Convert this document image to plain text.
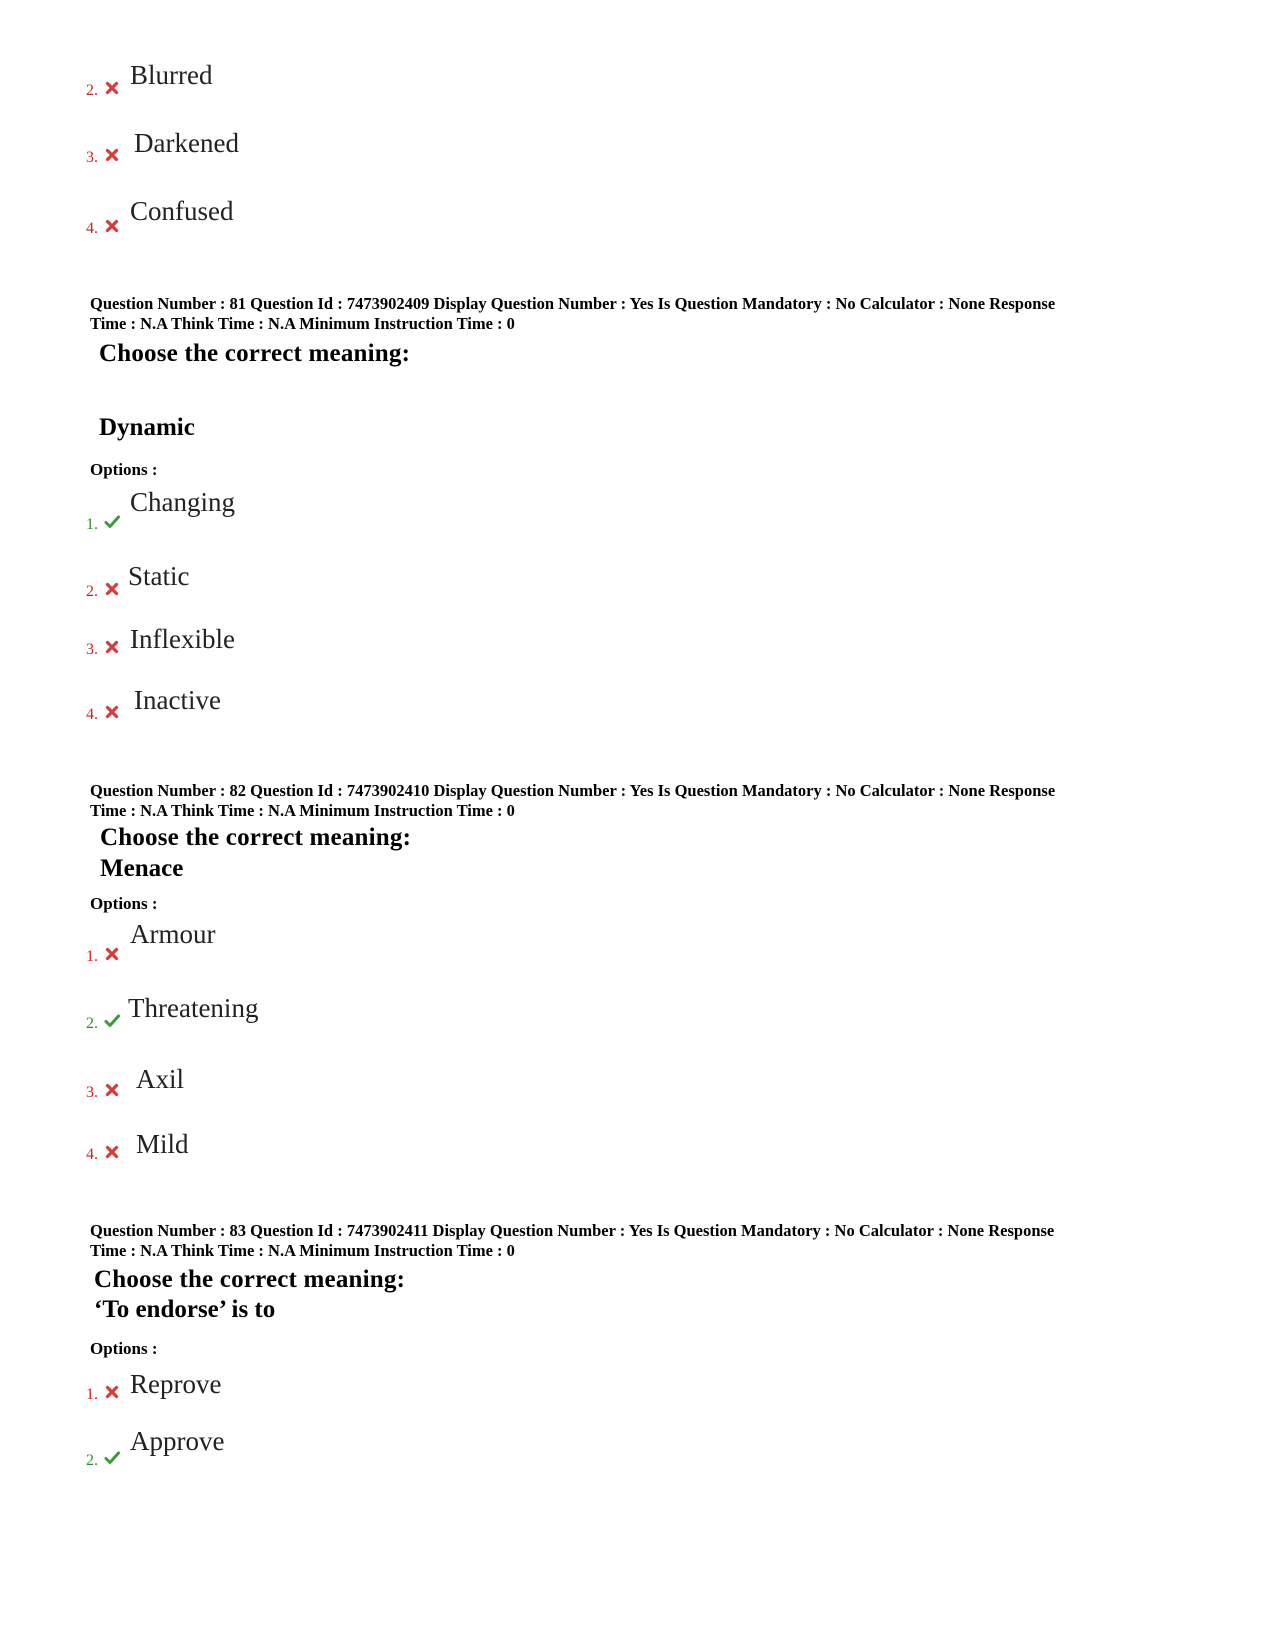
2.
Blurred
3. Darkened
4.
Confused
Question Number : 81 Question Id : 7473902409 Display Question Number : Yes Is Question Mandatory : No Calculator : None Response
Time : N.A Think Time : N.A Minimum Instruction Time : 0
Choose the correct meaning:
Dynamic
Options :
1.
Changing
2.
Static
3. Inflexible
4. Inactive
Question Number : 82 Question Id : 7473902410 Display Question Number : Yes Is Question Mandatory : No Calculator : None Response
Time : N.A Think Time : N.A Minimum Instruction Time : 0
Choose the correct meaning:
Menace
Options :
1.
Armour
2.
Threatening
3. Axil
4. Mild
Question Number : 83 Question Id : 7473902411 Display Question Number : Yes Is Question Mandatory : No Calculator : None Response
Time : N.A Think Time : N.A Minimum Instruction Time : 0
Choose the correct meaning:
‘To endorse’ is to
Options :
1. Reprove
2.
Approve
